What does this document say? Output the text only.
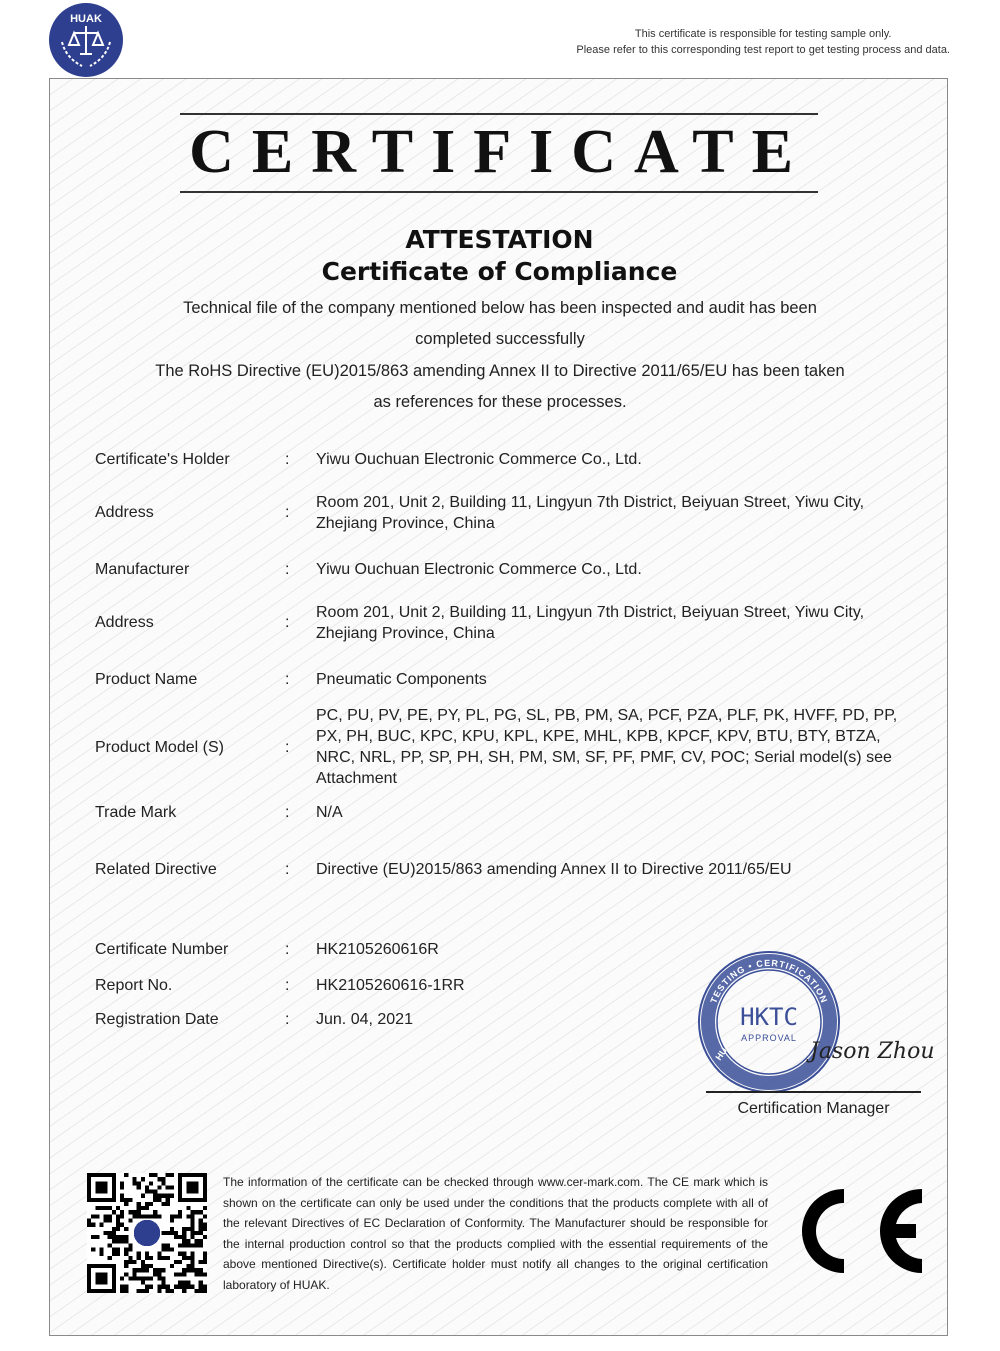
HUAK
This certificate is responsible for testing sample only.
Please refer to this corresponding test report to get testing process and data.
CERTIFICATE
ATTESTATION
Certificate of Compliance
Technical file of the company mentioned below has been inspected and audit has been
completed successfully
The RoHS Directive (EU)2015/863 amending Annex II to Directive 2011/65/EU has been taken
as references for these processes.
Certificate's Holder	:	Yiwu Ouchuan Electronic Commerce Co., Ltd.
Address	:
Room 201, Unit 2, Building 11, Lingyun 7th District, Beiyuan Street, Yiwu City, Zhejiang Province, China
Manufacturer	:	Yiwu Ouchuan Electronic Commerce Co., Ltd.
Address	:
Room 201, Unit 2, Building 11, Lingyun 7th District, Beiyuan Street, Yiwu City, Zhejiang Province, China
Product Name	:	Pneumatic Components
Product Model (S)	:
PC, PU, PV, PE, PY, PL, PG, SL, PB, PM, SA, PCF, PZA, PLF, PK, HVFF, PD, PP, PX, PH, BUC, KPC, KPU, KPL, KPE, MHL, KPB, KPCF, KPV, BTU, BTY, BTZA, NRC, NRL, PP, SP, PH, SH, PM, SM, SF, PF, PMF, CV, POC; Serial model(s) see Attachment
Trade Mark	:	N/A
Related Directive	:	Directive (EU)2015/863 amending Annex II to Directive 2011/65/EU
Certificate Number	:	HK2105260616R
Report No.	:	HK2105260616-1RR
Registration Date	:	Jun. 04, 2021
TESTING • CERTIFICATION
HUAK
HKTC
APPROVAL
Jason Zhou
Certification Manager
The information of the certificate can be checked through www.cer-mark.com. The CE mark which is shown on the certificate can only be used under the conditions that the products complete with all of the relevant Directives of EC Declaration of Conformity. The Manufacturer should be responsible for the internal production control so that the products complied with the essential requirements of the above mentioned Directive(s). Certificate holder must notify all changes to the original certification laboratory of HUAK.
